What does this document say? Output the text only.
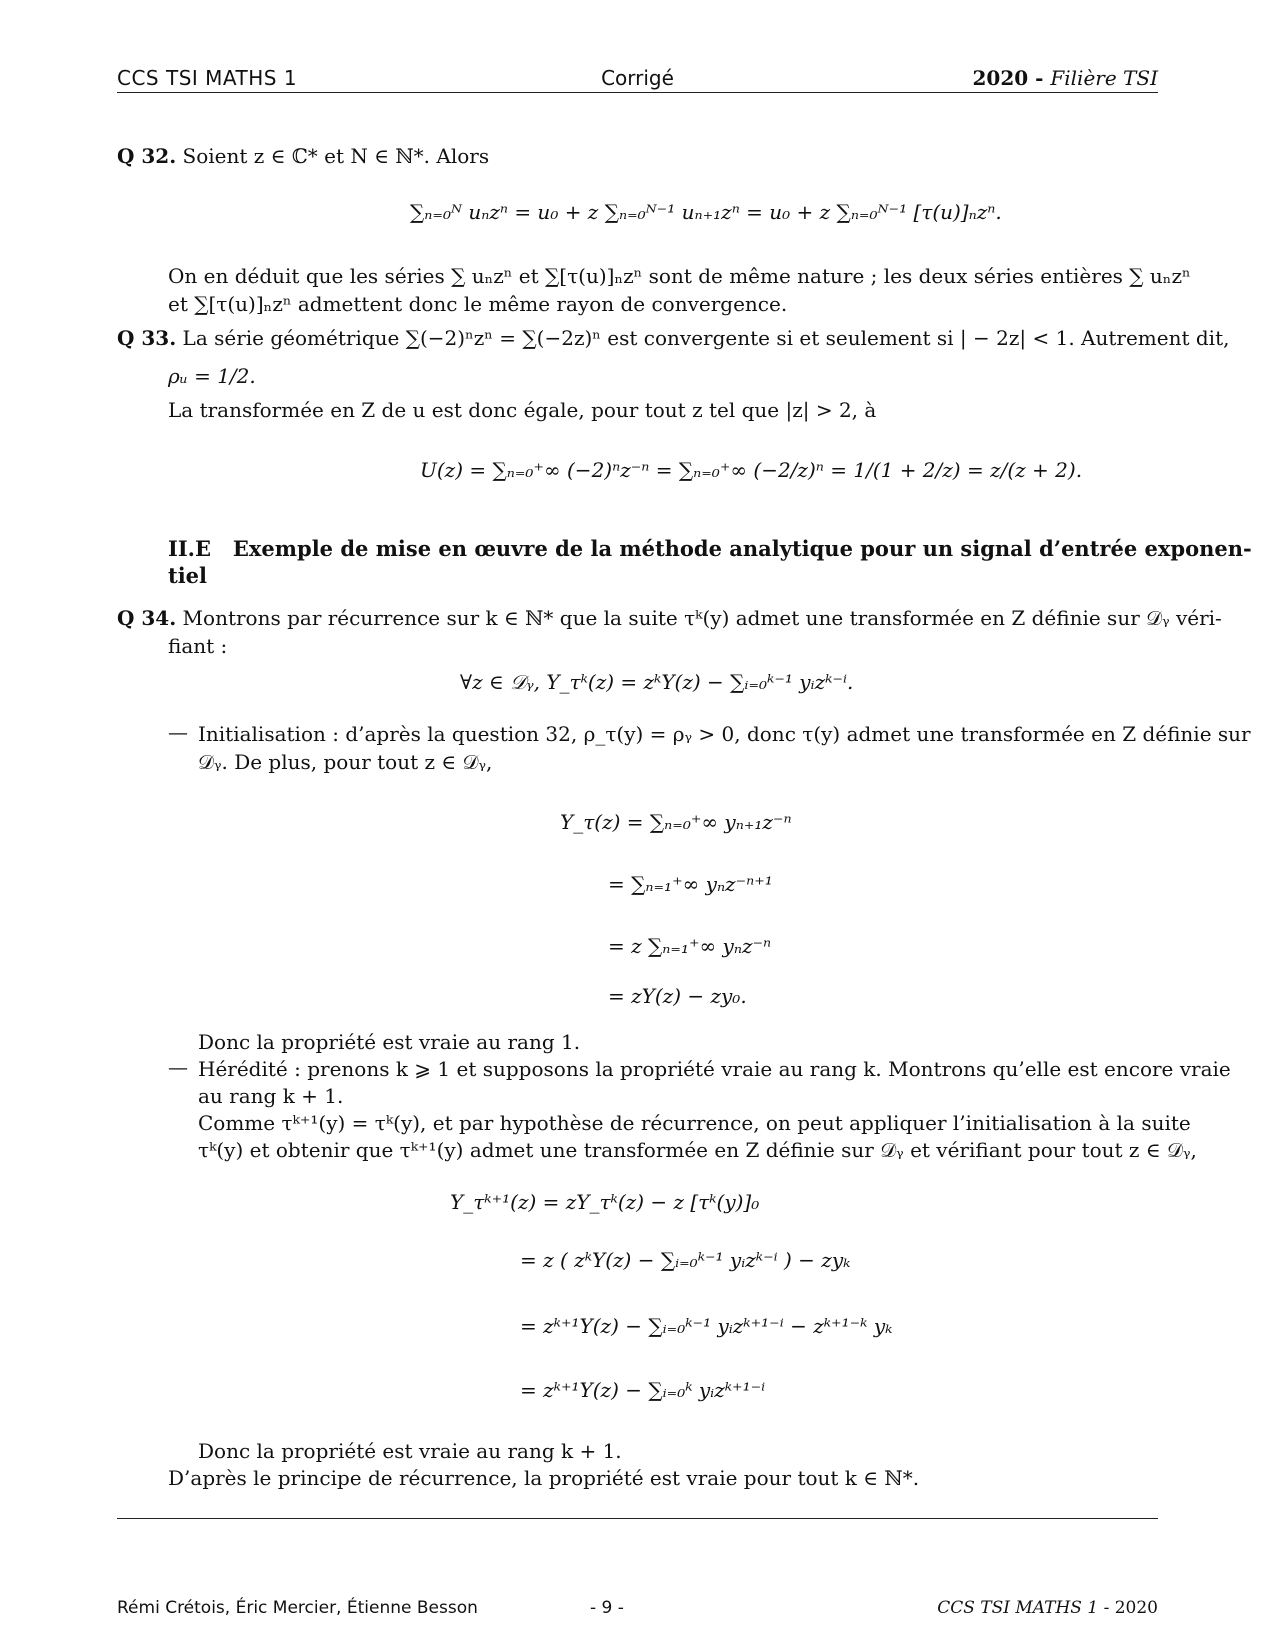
CCS TSI MATHS 1	Corrigé	2020 - Filière TSI
Q 32. Soient z ∈ ℂ* et N ∈ ℕ*. Alors
∑ₙ₌₀ᴺ uₙzⁿ = u₀ + z ∑ₙ₌₀ᴺ⁻¹ uₙ₊₁zⁿ = u₀ + z ∑ₙ₌₀ᴺ⁻¹ [τ(u)]ₙzⁿ.
On en déduit que les séries ∑ uₙzⁿ et ∑[τ(u)]ₙzⁿ sont de même nature ; les deux séries entières ∑ uₙzⁿ
et ∑[τ(u)]ₙzⁿ admettent donc le même rayon de convergence.
Q 33. La série géométrique ∑(−2)ⁿzⁿ = ∑(−2z)ⁿ est convergente si et seulement si | − 2z| < 1. Autrement dit,
ρᵤ = 1/2.
La transformée en Z de u est donc égale, pour tout z tel que |z| > 2, à
U(z) = ∑ₙ₌₀⁺∞ (−2)ⁿz⁻ⁿ = ∑ₙ₌₀⁺∞ (−2/z)ⁿ = 1/(1 + 2/z) = z/(z + 2).
II.E Exemple de mise en œuvre de la méthode analytique pour un signal d’entrée exponen-
tiel
Q 34. Montrons par récurrence sur k ∈ ℕ* que la suite τᵏ(y) admet une transformée en Z définie sur 𝒟ᵧ véri-
fiant :
∀z ∈ 𝒟ᵧ, Y_τᵏ(z) = zᵏY(z) − ∑ᵢ₌₀ᵏ⁻¹ yᵢzᵏ⁻ⁱ.
— Initialisation : d’après la question 32, ρ_τ(y) = ρᵧ > 0, donc τ(y) admet une transformée en Z définie sur
𝒟ᵧ. De plus, pour tout z ∈ 𝒟ᵧ,
Y_τ(z) = ∑ₙ₌₀⁺∞ yₙ₊₁z⁻ⁿ
= ∑ₙ₌₁⁺∞ yₙz⁻ⁿ⁺¹
= z ∑ₙ₌₁⁺∞ yₙz⁻ⁿ
= zY(z) − zy₀.
Donc la propriété est vraie au rang 1.
— Hérédité : prenons k ⩾ 1 et supposons la propriété vraie au rang k. Montrons qu’elle est encore vraie
au rang k + 1.
Comme τᵏ⁺¹(y) = τᵏ(y), et par hypothèse de récurrence, on peut appliquer l’initialisation à la suite
τᵏ(y) et obtenir que τᵏ⁺¹(y) admet une transformée en Z définie sur 𝒟ᵧ et vérifiant pour tout z ∈ 𝒟ᵧ,
Y_τᵏ⁺¹(z) = zY_τᵏ(z) − z [τᵏ(y)]₀
= z ( zᵏY(z) − ∑ᵢ₌₀ᵏ⁻¹ yᵢzᵏ⁻ⁱ ) − zyₖ
= zᵏ⁺¹Y(z) − ∑ᵢ₌₀ᵏ⁻¹ yᵢzᵏ⁺¹⁻ⁱ − zᵏ⁺¹⁻ᵏ yₖ
= zᵏ⁺¹Y(z) − ∑ᵢ₌₀ᵏ yᵢzᵏ⁺¹⁻ⁱ
Donc la propriété est vraie au rang k + 1.
D’après le principe de récurrence, la propriété est vraie pour tout k ∈ ℕ*.
Rémi Crétois, Éric Mercier, Étienne Besson	- 9 -	CCS TSI MATHS 1 - 2020
